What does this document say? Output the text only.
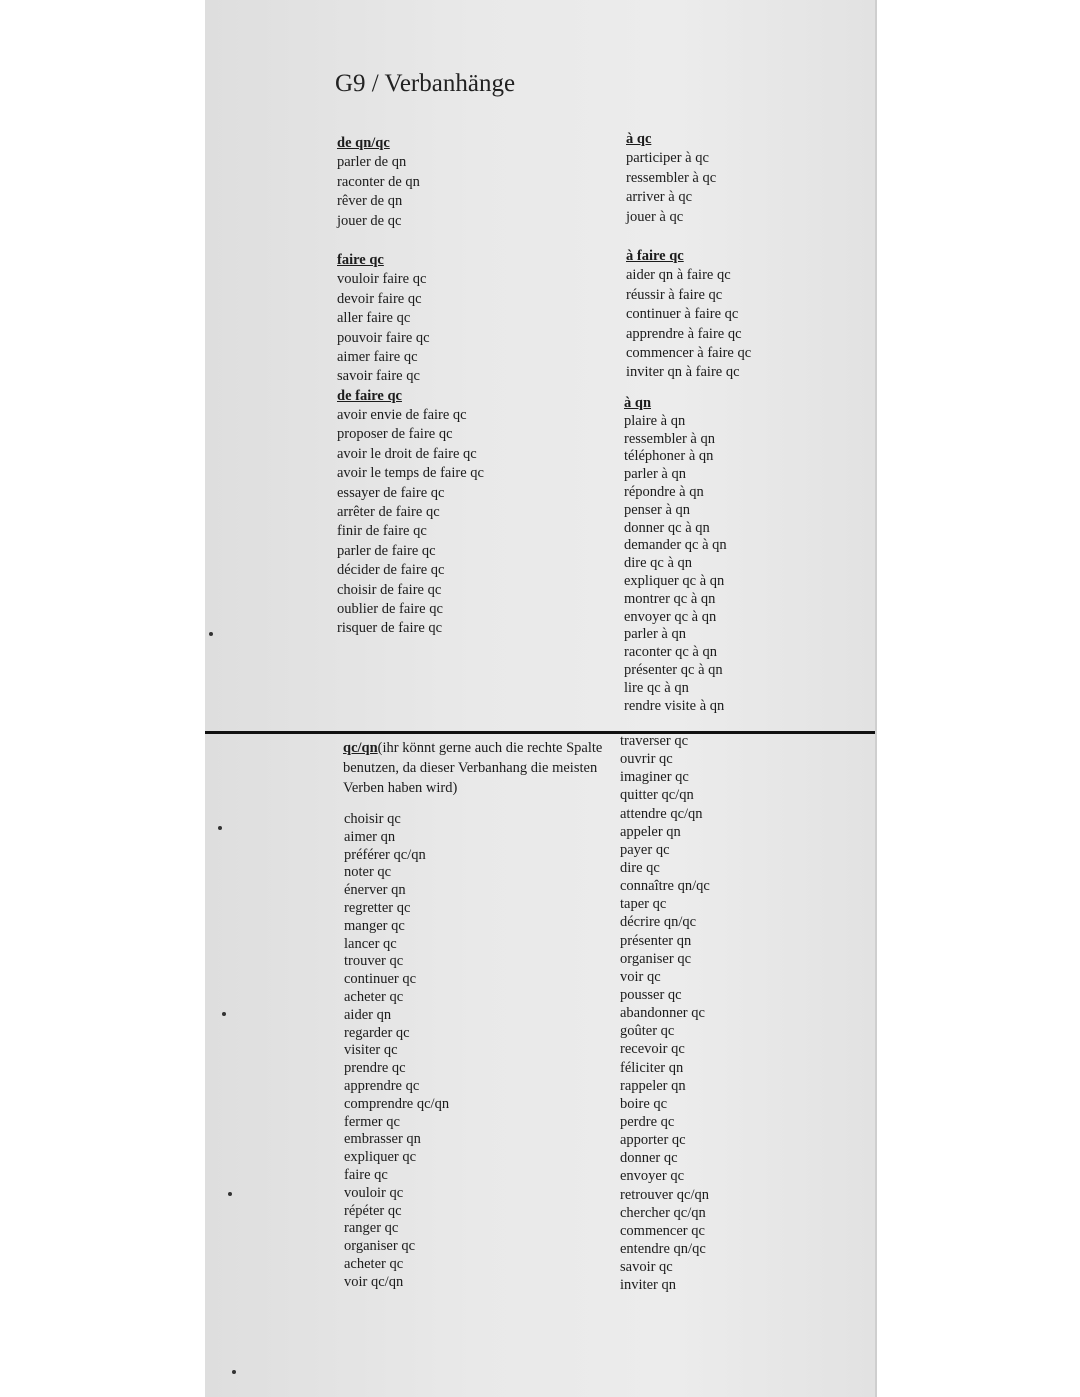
G9 / Verbanhänge
de qn/qc
parler de qn
raconter de qn
rêver de qn
jouer de qc
faire qc
vouloir faire qc
devoir faire qc
aller faire qc
pouvoir faire qc
aimer faire qc
savoir faire qc
de faire qc
avoir envie de faire qc
proposer de faire qc
avoir le droit de faire qc
avoir le temps de faire qc
essayer de faire qc
arrêter de faire qc
finir de faire qc
parler de faire qc
décider de faire qc
choisir de faire qc
oublier de faire qc
risquer de faire qc
à qc
participer à qc
ressembler à qc
arriver à qc
jouer à qc
à faire qc
aider qn à faire qc
réussir à faire qc
continuer à faire qc
apprendre à faire qc
commencer à faire qc
inviter qn à faire qc
à qn
plaire à qn
ressembler à qn
téléphoner à qn
parler à qn
répondre à qn
penser à qn
donner qc à qn
demander qc à qn
dire qc à qn
expliquer qc à qn
montrer qc à qn
envoyer qc à qn
parler à qn
raconter qc à qn
présenter qc à qn
lire qc à qn
rendre visite à qn
qc/qn(ihr könnt gerne auch die rechte Spalte
benutzen, da dieser Verbanhang die meisten
Verben haben wird)
choisir qc
aimer qn
préférer qc/qn
noter qc
énerver qn
regretter qc
manger qc
lancer qc
trouver qc
continuer qc
acheter qc
aider qn
regarder qc
visiter qc
prendre qc
apprendre qc
comprendre qc/qn
fermer qc
embrasser qn
expliquer qc
faire qc
vouloir qc
répéter qc
ranger qc
organiser qc
acheter qc
voir qc/qn
traverser qc
ouvrir qc
imaginer qc
quitter qc/qn
attendre qc/qn
appeler qn
payer qc
dire qc
connaître qn/qc
taper qc
décrire qn/qc
présenter qn
organiser qc
voir qc
pousser qc
abandonner qc
goûter qc
recevoir qc
féliciter qn
rappeler qn
boire qc
perdre qc
apporter qc
donner qc
envoyer qc
retrouver qc/qn
chercher qc/qn
commencer qc
entendre qn/qc
savoir qc
inviter qn
